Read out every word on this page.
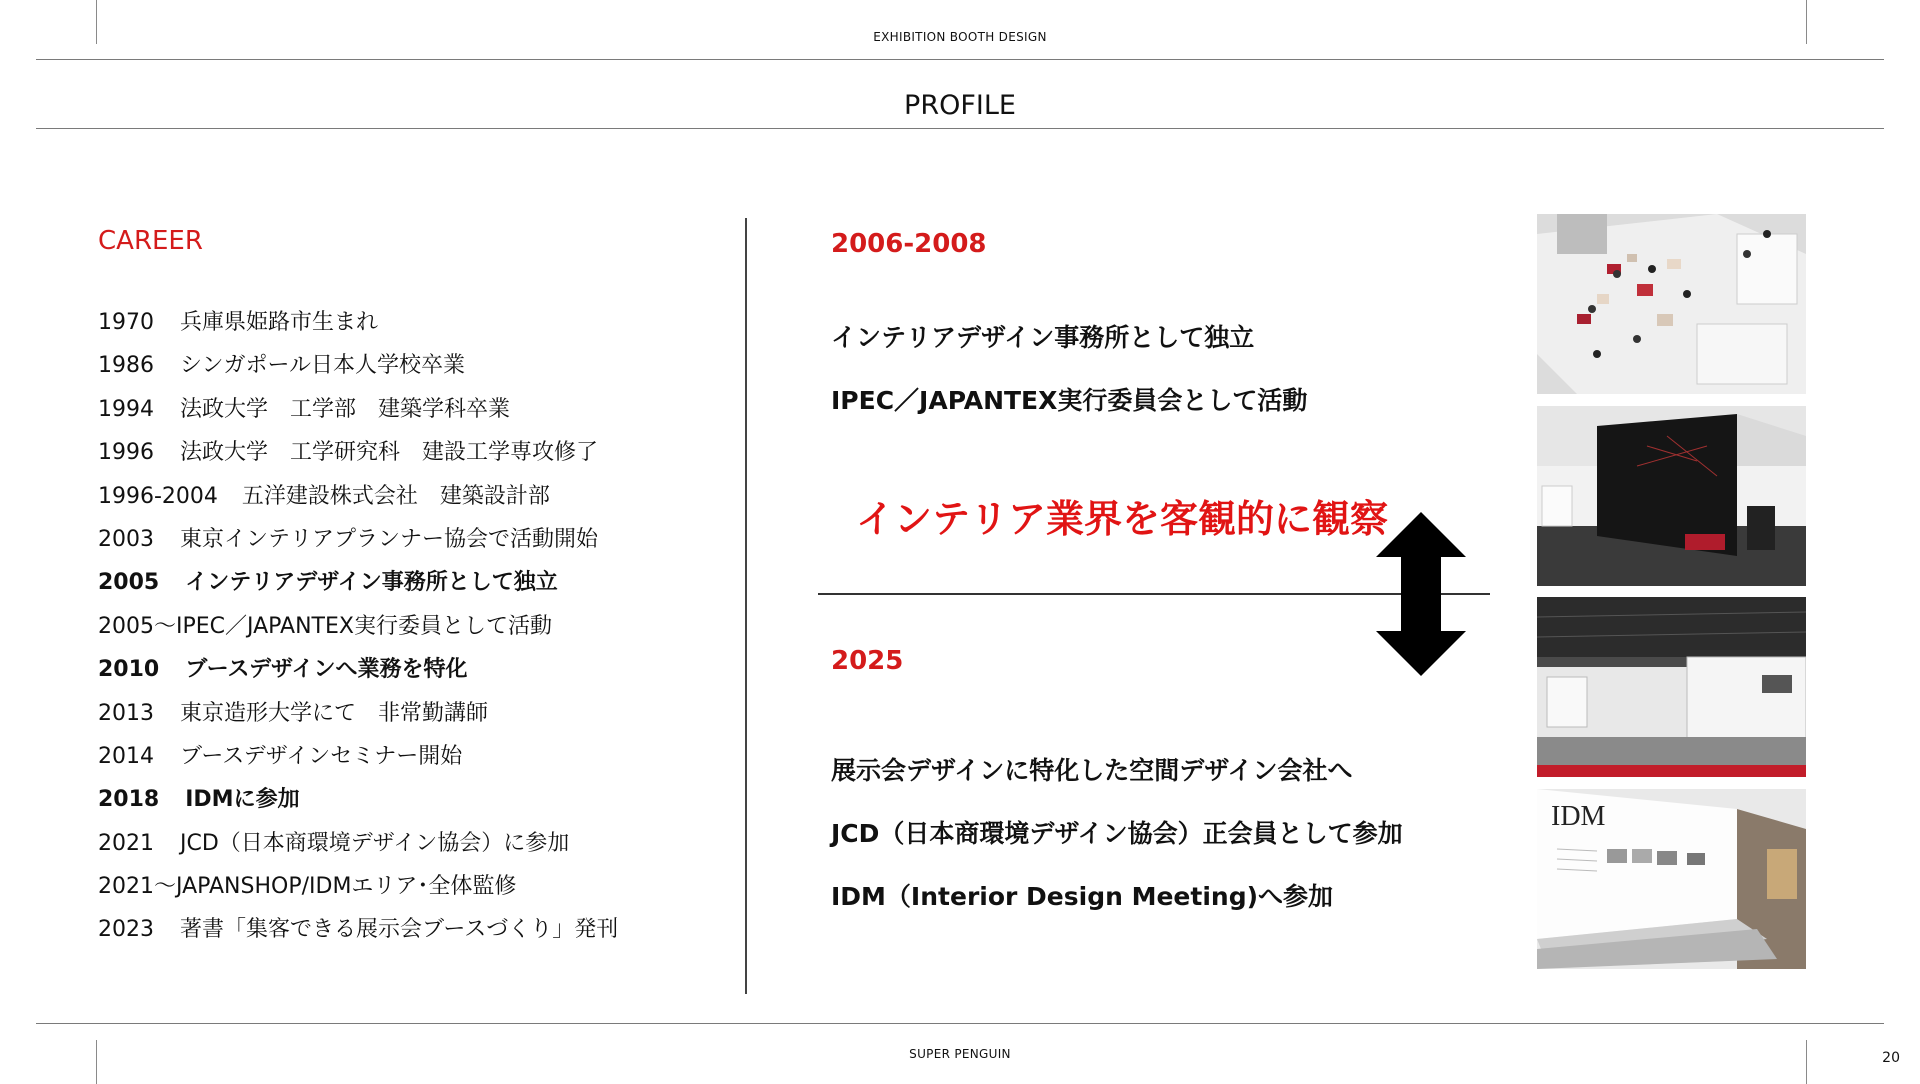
EXHIBITION BOOTH DESIGN
PROFILE
SUPER PENGUIN	20
CAREER
1970 兵庫県姫路市生まれ
1986 シンガポール日本人学校卒業
1994 法政大学　工学部　建築学科卒業
1996 法政大学　工学研究科　建設工学専攻修了
1996-2004 五洋建設株式会社　建築設計部
2003 東京インテリアプランナー協会で活動開始
2005 インテリアデザイン事務所として独立
2005～IPEC／JAPANTEX実行委員として活動
2010 ブースデザインへ業務を特化
2013 東京造形大学にて　非常勤講師
2014 ブースデザインセミナー開始
2018 IDMに参加
2021 JCD（日本商環境デザイン協会）に参加
2021～JAPANSHOP/IDMエリア･全体監修
2023 著書「集客できる展示会ブースづくり」発刊
2006-2008
インテリアデザイン事務所として独立
IPEC／JAPANTEX実行委員会として活動
インテリア業界を客観的に観察
2025
展示会デザインに特化した空間デザイン会社へ
JCD（日本商環境デザイン協会）正会員として参加
IDM（Interior Design Meeting)へ参加
IDM
